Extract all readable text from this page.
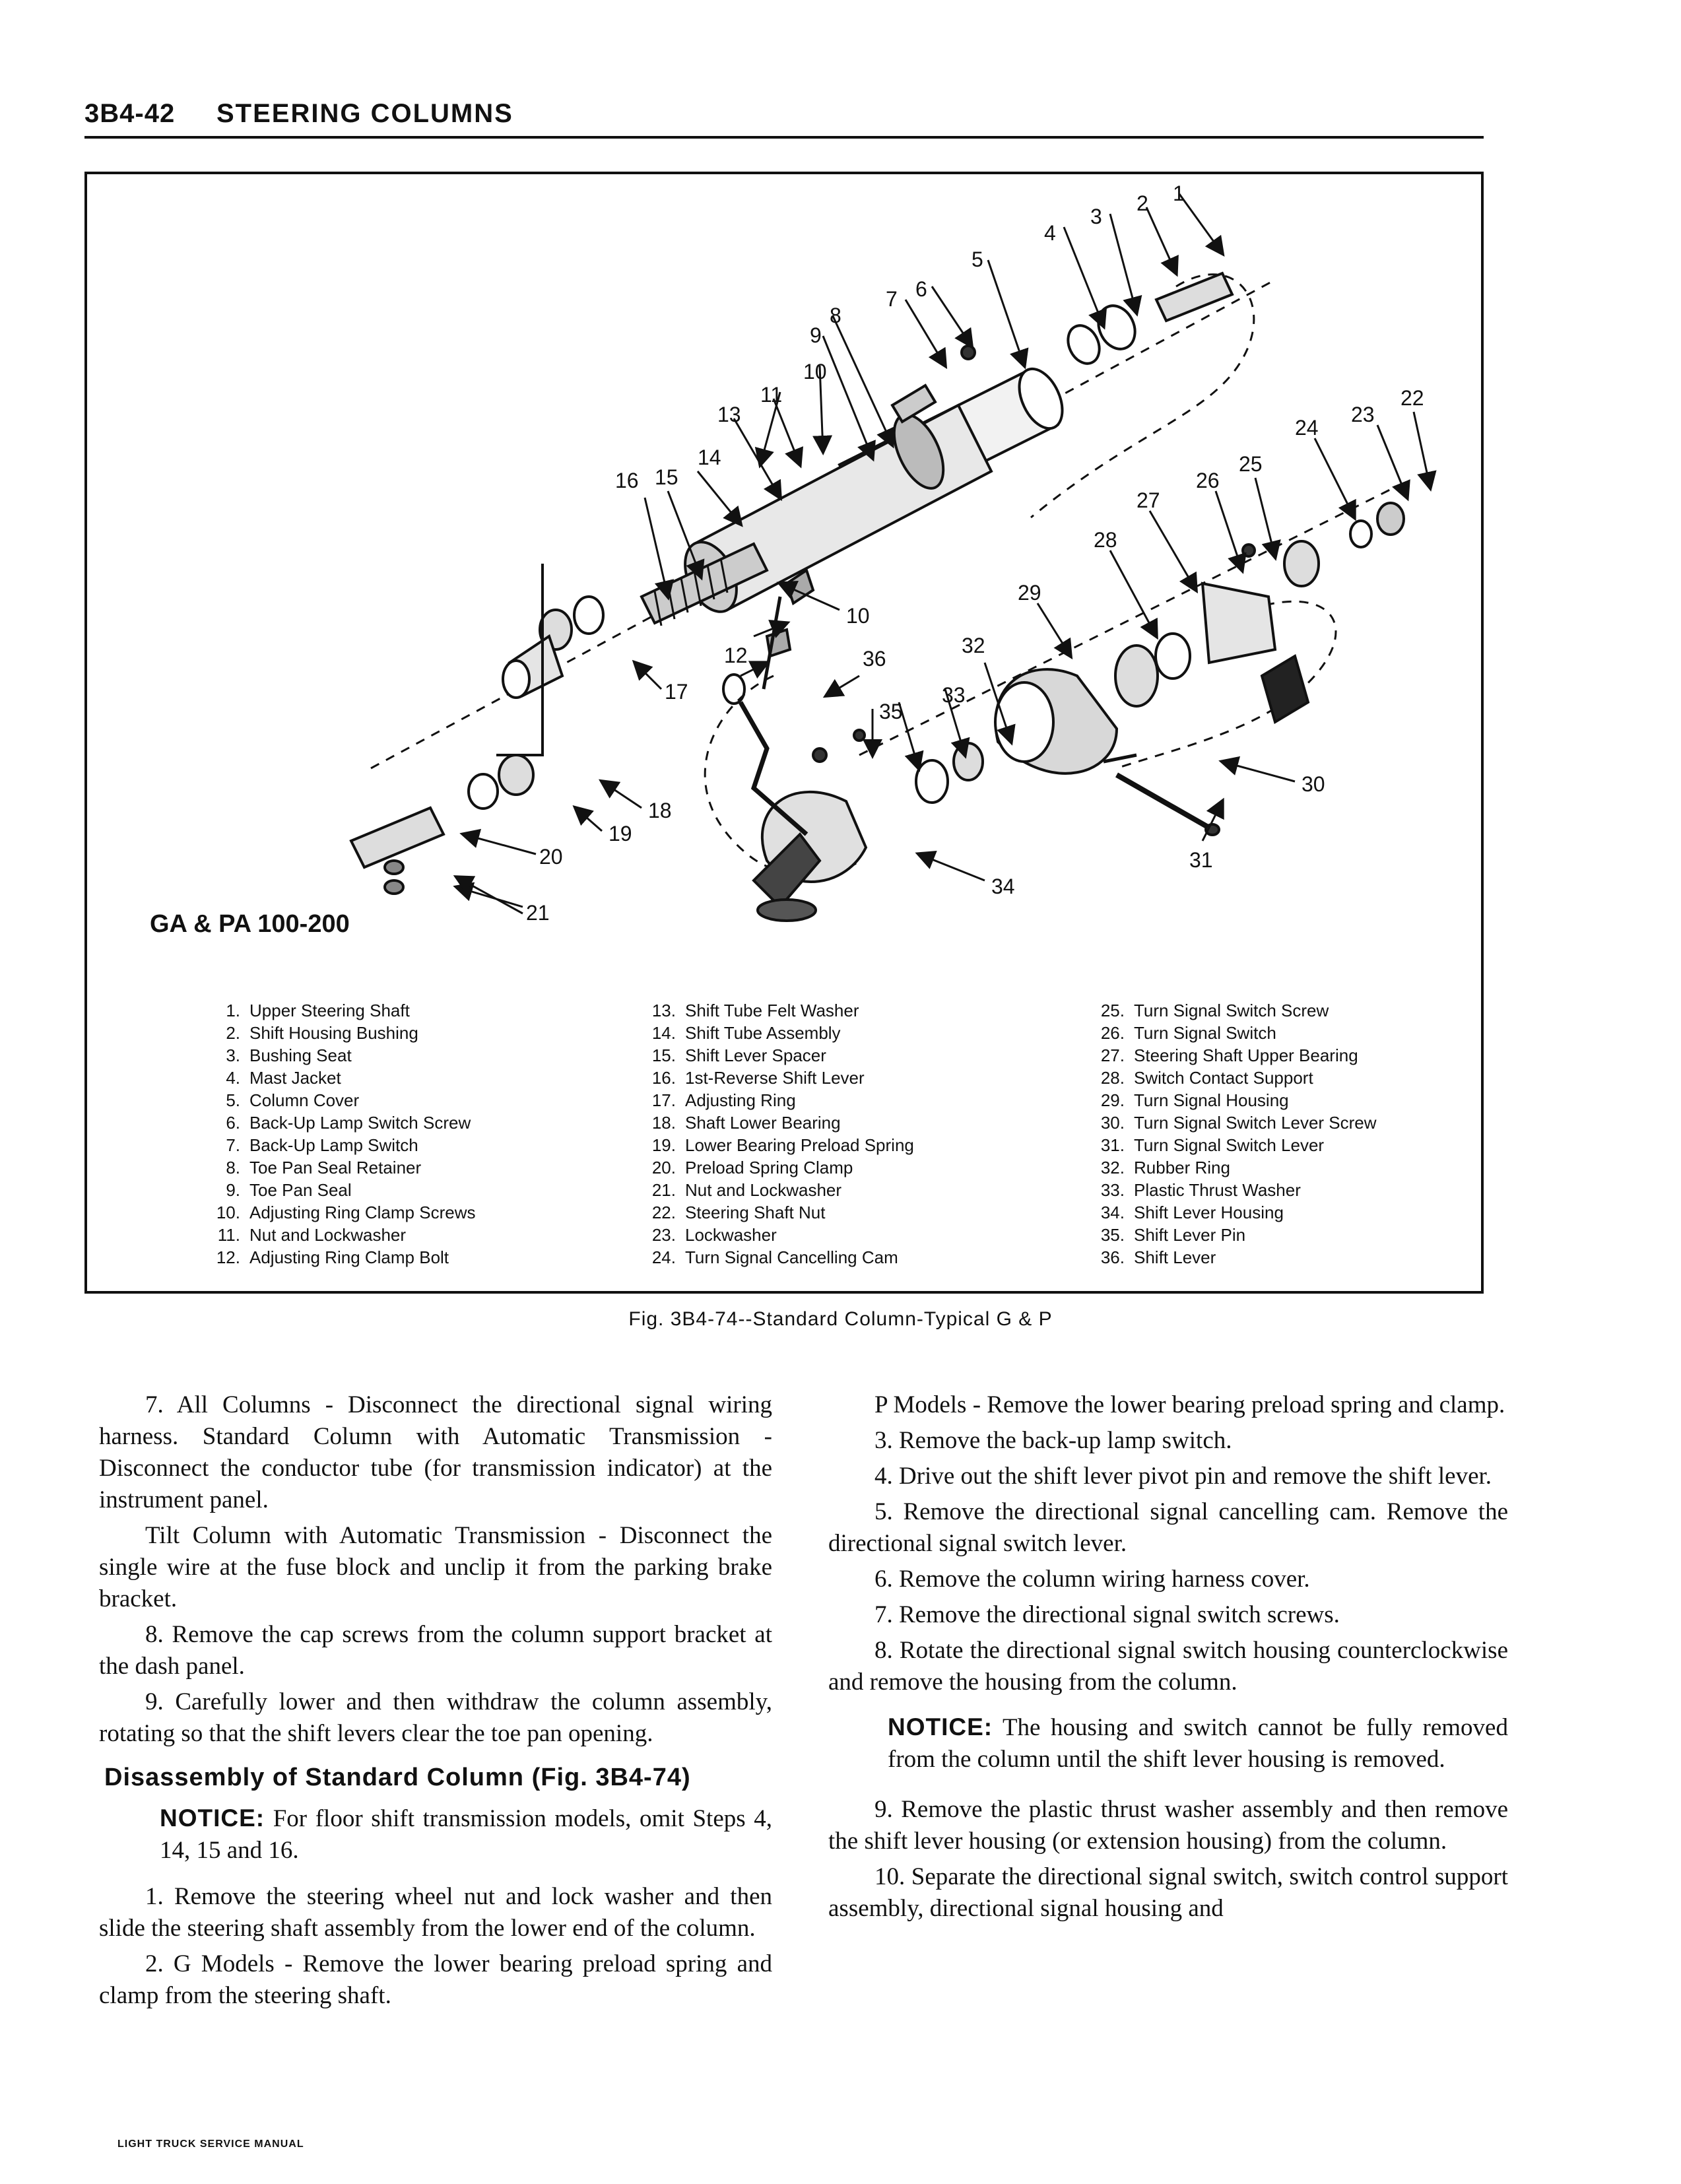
3B4-42 STEERING COLUMNS
1
2
3
4
5
6
7
8
9
10
11
13
14
15
16
10
12
17
18
19
20
21
22
23
24
25
26
27
28
29
30
31
32
33
34
35
36
GA & PA 100-200
1. Upper Steering Shaft
2. Shift Housing Bushing
3. Bushing Seat
4. Mast Jacket
5. Column Cover
6. Back-Up Lamp Switch Screw
7. Back-Up Lamp Switch
8. Toe Pan Seal Retainer
9. Toe Pan Seal
10. Adjusting Ring Clamp Screws
11. Nut and Lockwasher
12. Adjusting Ring Clamp Bolt
13. Shift Tube Felt Washer
14. Shift Tube Assembly
15. Shift Lever Spacer
16. 1st-Reverse Shift Lever
17. Adjusting Ring
18. Shaft Lower Bearing
19. Lower Bearing Preload Spring
20. Preload Spring Clamp
21. Nut and Lockwasher
22. Steering Shaft Nut
23. Lockwasher
24. Turn Signal Cancelling Cam
25. Turn Signal Switch Screw
26. Turn Signal Switch
27. Steering Shaft Upper Bearing
28. Switch Contact Support
29. Turn Signal Housing
30. Turn Signal Switch Lever Screw
31. Turn Signal Switch Lever
32. Rubber Ring
33. Plastic Thrust Washer
34. Shift Lever Housing
35. Shift Lever Pin
36. Shift Lever
Fig. 3B4-74--Standard Column-Typical G & P

7. All Columns - Disconnect the directional signal wiring harness. Standard Column with Automatic Transmission - Disconnect the conductor tube (for transmission indicator) at the instrument panel.

Tilt Column with Automatic Transmission - Disconnect the single wire at the fuse block and unclip it from the parking brake bracket.

8. Remove the cap screws from the column support bracket at the dash panel.

9. Carefully lower and then withdraw the column assembly, rotating so that the shift levers clear the toe pan opening.

Disassembly of Standard Column (Fig. 3B4-74)

NOTICE: For floor shift transmission models, omit Steps 4, 14, 15 and 16.

1. Remove the steering wheel nut and lock washer and then slide the steering shaft assembly from the lower end of the column.

2. G Models - Remove the lower bearing preload spring and clamp from the steering shaft.

P Models - Remove the lower bearing preload spring and clamp.

3. Remove the back-up lamp switch.

4. Drive out the shift lever pivot pin and remove the shift lever.

5. Remove the directional signal cancelling cam. Remove the directional signal switch lever.

6. Remove the column wiring harness cover.

7. Remove the directional signal switch screws.

8. Rotate the directional signal switch housing counterclockwise and remove the housing from the column.

NOTICE: The housing and switch cannot be fully removed from the column until the shift lever housing is removed.

9. Remove the plastic thrust washer assembly and then remove the shift lever housing (or extension housing) from the column.

10. Separate the directional signal switch, switch control support assembly, directional signal housing and

LIGHT TRUCK SERVICE MANUAL
